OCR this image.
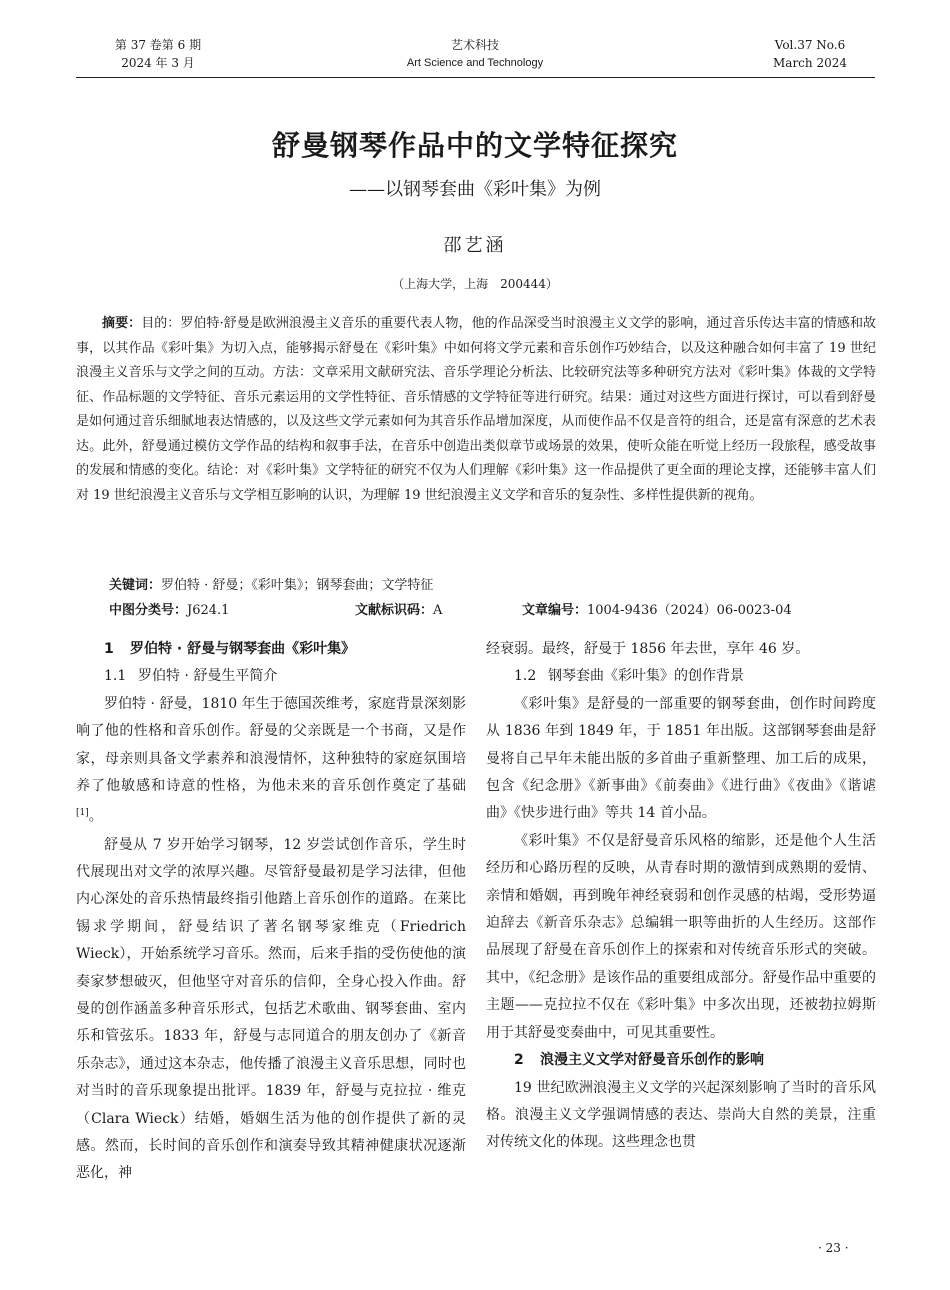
第 37 卷第 6 期
2024 年 3 月
艺术科技
Art Science and Technology
Vol.37 No.6
March 2024
舒曼钢琴作品中的文学特征探究
——以钢琴套曲《彩叶集》为例
邵艺涵
（上海大学，上海　200444）

摘要：目的：罗伯特·舒曼是欧洲浪漫主义音乐的重要代表人物，他的作品深受当时浪漫主义文学的影响，通过音乐传达丰富的情感和故事，以其作品《彩叶集》为切入点，能够揭示舒曼在《彩叶集》中如何将文学元素和音乐创作巧妙结合，以及这种融合如何丰富了 19 世纪浪漫主义音乐与文学之间的互动。方法：文章采用文献研究法、音乐学理论分析法、比较研究法等多种研究方法对《彩叶集》体裁的文学特征、作品标题的文学特征、音乐元素运用的文学性特征、音乐情感的文学特征等进行研究。结果：通过对这些方面进行探讨，可以看到舒曼是如何通过音乐细腻地表达情感的，以及这些文学元素如何为其音乐作品增加深度，从而使作品不仅是音符的组合，还是富有深意的艺术表达。此外，舒曼通过模仿文学作品的结构和叙事手法，在音乐中创造出类似章节或场景的效果，使听众能在听觉上经历一段旅程，感受故事的发展和情感的变化。结论：对《彩叶集》文学特征的研究不仅为人们理解《彩叶集》这一作品提供了更全面的理论支撑，还能够丰富人们对 19 世纪浪漫主义音乐与文学相互影响的认识，为理解 19 世纪浪漫主义文学和音乐的复杂性、多样性提供新的视角。

关键词：罗伯特 · 舒曼；《彩叶集》；钢琴套曲；文学特征
中图分类号：J624.1	文献标识码：A	文章编号：1004-9436（2024）06-0023-04
1 罗伯特 · 舒曼与钢琴套曲《彩叶集》
1.1 罗伯特 · 舒曼生平简介

罗伯特 · 舒曼，1810 年生于德国茨维考，家庭背景深刻影响了他的性格和音乐创作。舒曼的父亲既是一个书商，又是作家，母亲则具备文学素养和浪漫情怀，这种独特的家庭氛围培养了他敏感和诗意的性格，为他未来的音乐创作奠定了基础[1]。

舒曼从 7 岁开始学习钢琴，12 岁尝试创作音乐，学生时代展现出对文学的浓厚兴趣。尽管舒曼最初是学习法律，但他内心深处的音乐热情最终指引他踏上音乐创作的道路。在莱比锡求学期间，舒曼结识了著名钢琴家维克（Friedrich Wieck），开始系统学习音乐。然而，后来手指的受伤使他的演奏家梦想破灭，但他坚守对音乐的信仰，全身心投入作曲。舒曼的创作涵盖多种音乐形式，包括艺术歌曲、钢琴套曲、室内乐和管弦乐。1833 年，舒曼与志同道合的朋友创办了《新音乐杂志》，通过这本杂志，他传播了浪漫主义音乐思想，同时也对当时的音乐现象提出批评。1839 年，舒曼与克拉拉 · 维克（Clara Wieck）结婚，婚姻生活为他的创作提供了新的灵感。然而，长时间的音乐创作和演奏导致其精神健康状况逐渐恶化，神

经衰弱。最终，舒曼于 1856 年去世，享年 46 岁。

1.2 钢琴套曲《彩叶集》的创作背景

《彩叶集》是舒曼的一部重要的钢琴套曲，创作时间跨度从 1836 年到 1849 年，于 1851 年出版。这部钢琴套曲是舒曼将自己早年未能出版的多首曲子重新整理、加工后的成果，包含《纪念册》《新事曲》《前奏曲》《进行曲》《夜曲》《谐谑曲》《快步进行曲》等共 14 首小品。

《彩叶集》不仅是舒曼音乐风格的缩影，还是他个人生活经历和心路历程的反映，从青春时期的激情到成熟期的爱情、亲情和婚姻，再到晚年神经衰弱和创作灵感的枯竭，受形势逼迫辞去《新音乐杂志》总编辑一职等曲折的人生经历。这部作品展现了舒曼在音乐创作上的探索和对传统音乐形式的突破。其中，《纪念册》是该作品的重要组成部分。舒曼作品中重要的主题——克拉拉不仅在《彩叶集》中多次出现，还被勃拉姆斯用于其舒曼变奏曲中，可见其重要性。

2 浪漫主义文学对舒曼音乐创作的影响

19 世纪欧洲浪漫主义文学的兴起深刻影响了当时的音乐风格。浪漫主义文学强调情感的表达、崇尚大自然的美景，注重对传统文化的体现。这些理念也贯

· 23 ·
